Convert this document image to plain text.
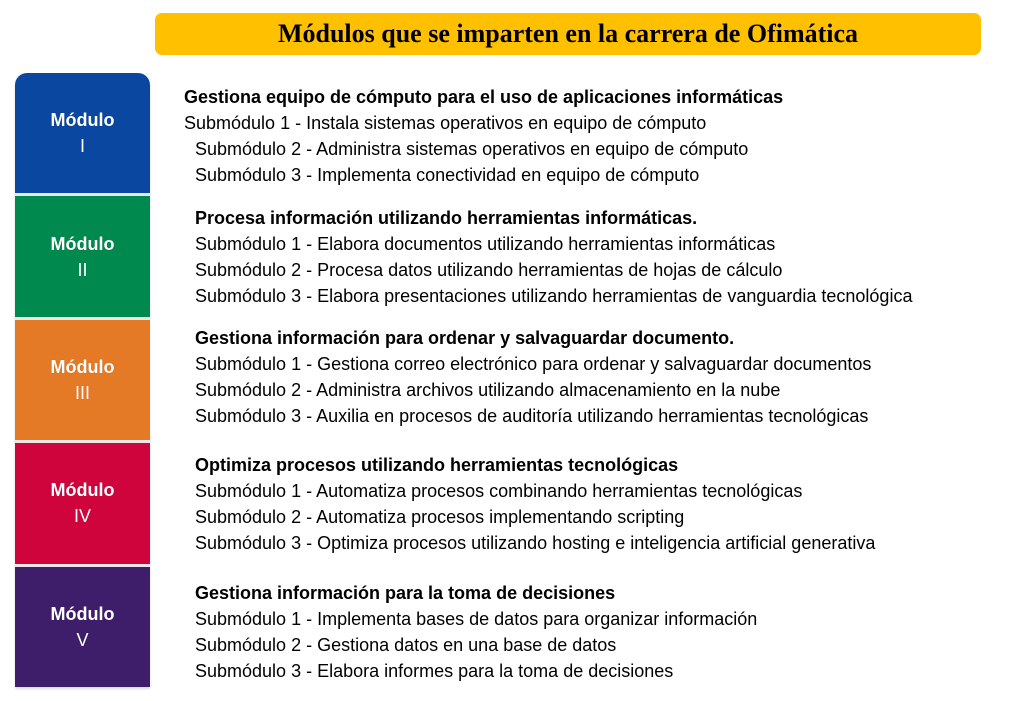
Módulos que se imparten en la carrera de Ofimática
Módulo
I
Módulo
II
Módulo
III
Módulo
IV
Módulo
V
Gestiona equipo de cómputo para el uso de aplicaciones informáticas
Submódulo 1 - Instala sistemas operativos en equipo de cómputo
Submódulo 2 - Administra sistemas operativos en equipo de cómputo
Submódulo 3 - Implementa conectividad en equipo de cómputo
Procesa información utilizando herramientas informáticas.
Submódulo 1 - Elabora documentos utilizando herramientas informáticas
Submódulo 2 - Procesa datos utilizando herramientas de hojas de cálculo
Submódulo 3 - Elabora presentaciones utilizando herramientas de vanguardia tecnológica
Gestiona información para ordenar y salvaguardar documento.
Submódulo 1 - Gestiona correo electrónico para ordenar y salvaguardar documentos
Submódulo 2 - Administra archivos utilizando almacenamiento en la nube
Submódulo 3 - Auxilia en procesos de auditoría utilizando herramientas tecnológicas
Optimiza procesos utilizando herramientas tecnológicas
Submódulo 1 - Automatiza procesos combinando herramientas tecnológicas
Submódulo 2 - Automatiza procesos implementando scripting
Submódulo 3 - Optimiza procesos utilizando hosting e inteligencia artificial generativa
Gestiona información para la toma de decisiones
Submódulo 1 - Implementa bases de datos para organizar información
Submódulo 2 - Gestiona datos en una base de datos
Submódulo 3 - Elabora informes para la toma de decisiones
